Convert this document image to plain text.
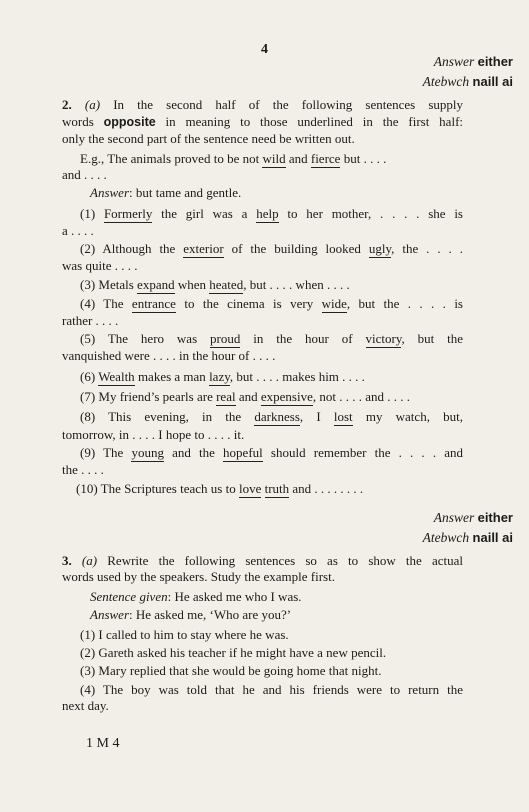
4
Answer either
Atebwch naill ai
2. (a) In the second half of the following sentences supply
words opposite in meaning to those underlined in the first half:
only the second part of the sentence need be written out.
E.g., The animals proved to be not wild and fierce but . . . .
and . . . .
Answer: but tame and gentle.
(1) Formerly the girl was a help to her mother, . . . . she is
a . . . .
(2) Although the exterior of the building looked ugly, the . . . .
was quite . . . .
(3) Metals expand when heated, but . . . . when . . . .
(4) The entrance to the cinema is very wide, but the . . . . is
rather . . . .
(5) The hero was proud in the hour of victory, but the
vanquished were . . . . in the hour of . . . .
(6) Wealth makes a man lazy, but . . . . makes him . . . .
(7) My friend’s pearls are real and expensive, not . . . . and . . . .
(8) This evening, in the darkness, I lost my watch, but,
tomorrow, in . . . . I hope to . . . . it.
(9) The young and the hopeful should remember the . . . . and
the . . . .
(10) The Scriptures teach us to love truth and . . . . . . . .
Answer either
Atebwch naill ai
3. (a) Rewrite the following sentences so as to show the actual
words used by the speakers. Study the example first.
Sentence given: He asked me who I was.
Answer: He asked me, ‘Who are you?’
(1) I called to him to stay where he was.
(2) Gareth asked his teacher if he might have a new pencil.
(3) Mary replied that she would be going home that night.
(4) The boy was told that he and his friends were to return the
next day.
1 M 4
